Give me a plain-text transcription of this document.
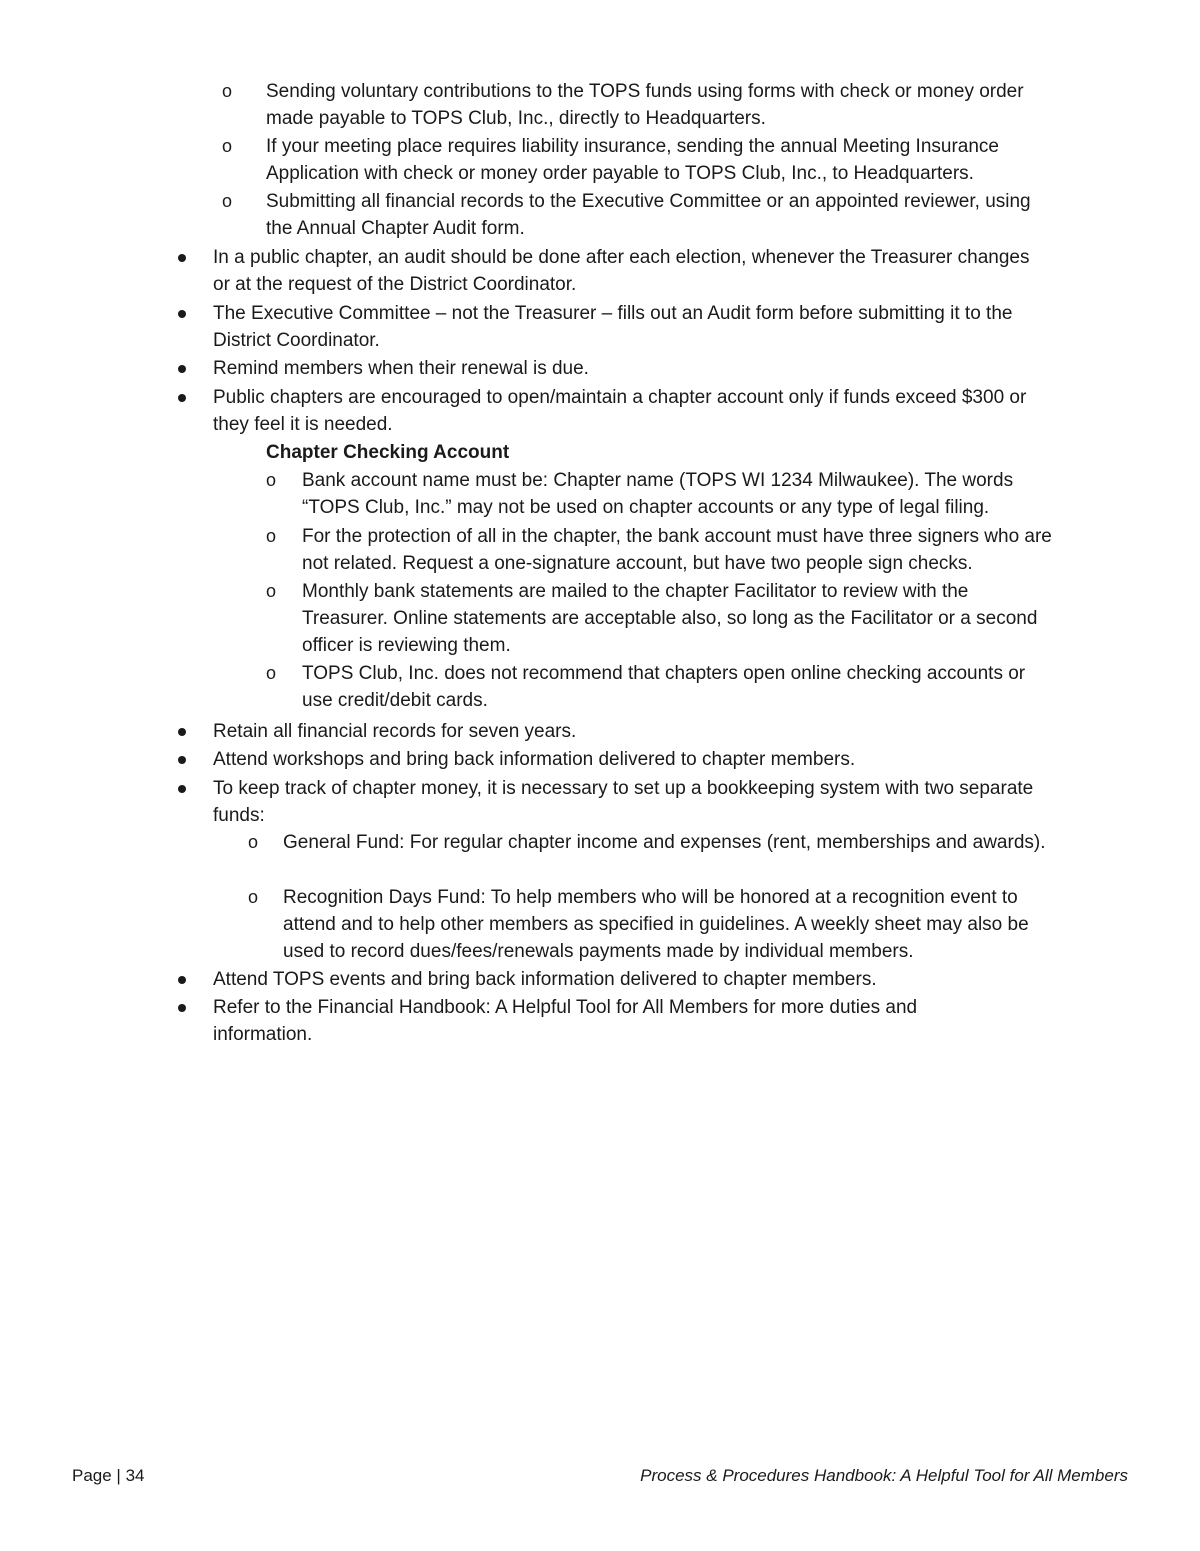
o Sending voluntary contributions to the TOPS funds using forms with check or money order made payable to TOPS Club, Inc., directly to Headquarters.
o If your meeting place requires liability insurance, sending the annual Meeting Insurance Application with check or money order payable to TOPS Club, Inc., to Headquarters.
o Submitting all financial records to the Executive Committee or an appointed reviewer, using the Annual Chapter Audit form.
In a public chapter, an audit should be done after each election, whenever the Treasurer changes or at the request of the District Coordinator.
The Executive Committee – not the Treasurer – fills out an Audit form before submitting it to the District Coordinator.
Remind members when their renewal is due.
Public chapters are encouraged to open/maintain a chapter account only if funds exceed $300 or they feel it is needed.
Chapter Checking Account
o Bank account name must be: Chapter name (TOPS WI 1234 Milwaukee). The words “TOPS Club, Inc.” may not be used on chapter accounts or any type of legal filing.
o For the protection of all in the chapter, the bank account must have three signers who are not related. Request a one-signature account, but have two people sign checks.
o Monthly bank statements are mailed to the chapter Facilitator to review with the Treasurer. Online statements are acceptable also, so long as the Facilitator or a second officer is reviewing them.
o TOPS Club, Inc. does not recommend that chapters open online checking accounts or use credit/debit cards.
Retain all financial records for seven years.
Attend workshops and bring back information delivered to chapter members.
To keep track of chapter money, it is necessary to set up a bookkeeping system with two separate funds:
o General Fund: For regular chapter income and expenses (rent, memberships and awards).
o Recognition Days Fund: To help members who will be honored at a recognition event to attend and to help other members as specified in guidelines. A weekly sheet may also be used to record dues/fees/renewals payments made by individual members.
Attend TOPS events and bring back information delivered to chapter members.
Refer to the Financial Handbook: A Helpful Tool for All Members for more duties and information.
Page | 34	Process & Procedures Handbook: A Helpful Tool for All Members
